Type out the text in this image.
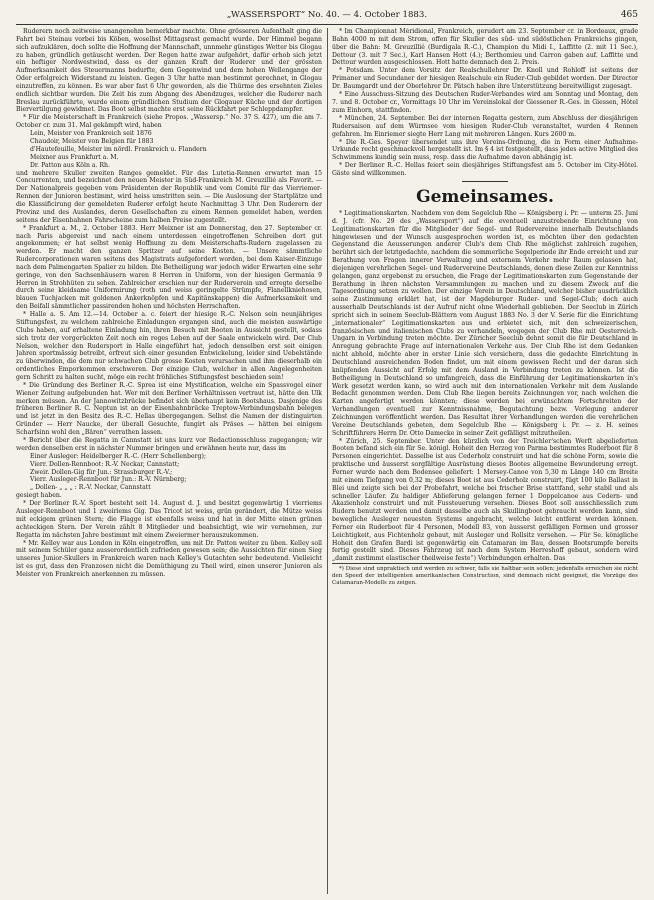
„WASSERSPORT“ No. 40. — 4. October 1883.	465

Ruderern noch zeitweise unangenehm bemerkbar machte. Ohne grösseren Aufenthalt ging die Fahrt bei Steinau vorbei bis Köben, woselbst Mittagsrast gemacht wurde. Der Himmel begann sich aufzuklären, doch sollte die Hoffnung der Mannschaft, unnmehr günstiges Wetter bis Glogau zu haben, gründlich getäuscht werden. Der Regen hatte zwar aufgehört, dafür erhob sich jetzt ein heftiger Nordwestwind, dass es der ganzen Kraft der Ruderer und der grössten Aufmerksamkeit des Steuermanns bedurfte, dem Gegenwind und dem hohen Wellengange der Oder erfolgreich Widerstand zu leisten. Gegen 3 Uhr hatte man bestimmt gerechnet, in Glogau einzutreffen, zu können. Es war aber fast 6 Uhr geworden, als die Thürme des ersehnten Zieles endlich sichtbar wurden. Die Zeit bis zum Abgang des Abendzuges, welcher die Ruderer nach Breslau zurückführte, wurde einem gründlichen Studium der Glogauer Küche und der dortigen Biervertilgung gewidmet. Das Boot selbst machte erst seine Rückfahrt per Schleppdampfer.

* Für die Meisterschaft in Frankreich (siehe Propos. „Wassersp.“ No. 37 S. 427), um die am 7. October cr. zum 31. Mal gekämpft wird, haben

Lein, Meister von Frankreich seit 1876

Chaudoir, Meister von Belgien für 1883

d'Hautefeuille, Meister im nördl. Frankreich u. Flandern

Meixner aus Frankfurt a. M.

Dr. Patton aus Köln a. Rh.

und mehrere Skuller zweiten Ranges gemeldet. Für das Lutetia-Rennen erwartet man 15 Concurrenten, und bezeichnet den neuen Meister in Süd-Frankreich M. Greuzillié als Favorit. — Der Nationalpreis gegeben vom Präsidenten der Republik und vom Comité für das Vierriemer-Rennen der Junioren bestimmt, wird heiss umstritten sein. — Die Auslosung der Startplätze und die Klassificirung der gemeldeten Ruderer erfolgt heute Nachmittag 3 Uhr. Den Ruderern der Provinz und des Auslandes, deren Gesellschaften zu einem Rennen gemeldet haben, werden seitens der Eisenbahnen Fahrscheine zum halben Preise zugestellt.

* Frankfurt a. M., 2. October 1883. Herr Meixner ist am Donnerstag, den 27. September cr. nach Paris abgereist und nach einem unterdessen eingetroffenen Schreiben dort gut angekommen; er hat selbst wenig Hoffnung zu dem Meisterschafts-Rudern zugelassen zu werden. Er macht den ganzen Spritzer auf seine Kosten. — Unsere sämmtliche Rudercorporationen waren seitens des Magistrats aufgefordert worden, bei dem Kaiser-Einzuge nach dem Palmengarten Spalier zu bilden. Die Betheiligung war jedoch wider Erwarten eine sehr geringe, von den Sachsenhäusern waren 8 Herren in Uniform, von der hiesigen Germania 9 Herren in Strohhüten zu sehen. Zahlreicher erschien nur der Ruderverein und erregte derselbe durch seine kleidsame Uniformirung (roth und weiss geringelte Strümpfe, Flanellkniehosen, blauen Tuchjacken mit goldenen Ankerknöpfen und Kapitänskappen) die Aufmerksamkeit und den Beifall sämmtlicher passirenden hohen und höchsten Herrschaften.

* Halle a. S. Am 12.—14. October a. c. feiert der hiesige R.-C. Nelson sein neunjähriges Stiftungsfest, zu welchem zahlreiche Einladungen ergangen sind, auch die meisten auswärtige Clubs haben, auf erhaltene Einladung hin, ihren Besuch mit Booten in Aussicht gestellt, sodass sich trotz der vorgerückten Zeit noch ein reges Leben auf der Saale entwickeln wird. Der Club Nelson, welcher den Rudersport in Halle eingeführt hat, jedoch denselben erst seit einigen Jahren sportmässig betreibt, erfreut sich einer gesunden Entwickelung, leider sind Uebelstände zu überwinden, die dem nur schwachen Club grosse Kosten verursachen und ihm dieserhalb ein ordentliches Emporkommen erschweren. Der einzige Club, welcher in allen Angelegenheiten gern Schritt zu halten sucht, möge ein recht fröhliches Stiftungsfest beschieden sein!

* Die Gründung des Berliner R.-C. Sprea ist eine Mystification, welche ein Spassvogel einer Wiener Zeitung aufgebunden hat. Wer mit den Berliner Verhältnissen vertraut ist, hätte den Ulk merken müssen. An der Jannowitzbrücke befindet sich überhaupt kein Bootshaus. Dasjenige des früheren Berliner R. C. Neptun ist an der Eisenbahnbrücke Treptow-Verbindungsbahn belegen und ist jetzt in den Besitz des R.-C. Hellas übergegangen. Selbst die Namen der distinguirten Gründer — Herr Naucke, der überall Gesuchte, fungirt als Präses — hätten bei einigem Scharfsinn wohl den „Bären“ verrathen lassen.

* Bericht über die Regatta in Cannstatt ist uns kurz vor Redactionsschluss zugegangen; wir werden denselben erst in nächster Nummer bringen und erwähnen heute nur, dass im

Einer Ausleger: Heidelberger R.-C. (Herr Schellenberg);

Vierr. Dollen-Rennboot: R.-V. Neckar, Cannstatt;

Zweir. Dollen-Gig für Jun.: Strassburger R.-V.;

Vierr. Ausleger-Rennboot für Jun.: R.-V. Nürnberg;

„ Dollen- „ „ „ : R.-V. Neckar, Cannstatt

gesiegt haben.

* Der Berliner R.-V. Sport besteht seit 14. August d. J. und besitzt gegenwärtig 1 vierriems Ausleger-Rennboot und 1 zweiriems Gig. Das Tricot ist weiss, grün gerändert, die Mütze weiss mit eckigem grünen Stern; die Flagge ist ebenfalls weiss und hat in der Mitte einen grünen achteckigen Stern. Der Verein zählt 8 Mitglieder und beabsichtigt, wie wir vernehmen, zur Regatta im nächsten Jahre bestimmt mit einem Zweiermer herauszukommen.

* Mr. Kelley war aus London in Köln eingetroffen, um mit Dr. Patton weiter zu üben. Kelley soll mit seinem Schüler ganz ausserordentlich zufrieden gewesen sein; die Aussichten für einen Sieg unseres Junior-Skullers in Frankreich waren nach Kelley's Gutachten sehr bedeutend. Vielleicht ist es gut, dass den Franzosen nicht die Demüthigung zu Theil wird, einen unserer Junioren als Meister von Frankreich anerkennen zu müssen.

* Im Championnat Méridional, Frankreich, gerudert am 23. September cr. in Bordeaux, grade Bahn 4000 m mit dem Strom, offen für Skuller des süd- und südöstlichen Frankreichs gingen, über die Bahn: M. Greuzillié (Burdigala R.-C.), Champion du Midi I., Laffitte (2. mit 11 Sec.), Dettour (3. mit 7 Sec.), Karl Hansen Hott (4.); Berthomieu und Carron gaben auf. Laffitte und Dettour wurden ausgeschlossen. Hott hatte demnach den 2. Preis.

* Potsdam. Unter dem Vorsitz der Realschullehrer Dr. Knoll und Rohloff ist seitens der Primaner und Secundaner der hiesigen Realschule ein Ruder-Club gebildet worden. Der Director Dr. Baumgardt und der Oberlehrer Dr. Pätsch haben ihre Unterstützung bereitwilligst zugesagt.

* Eine Ausschuss-Sitzung des Deutschen Ruder-Verbandes wird am Sonntag und Montag, den 7. und 8. October cr., Vormittags 10 Uhr im Vereinslokal der Giessener R.-Ges. in Giessen, Hôtel zum Einhorn, stattfinden.

* München, 24. September. Bei der internen Regatta gestern, zum Abschluss der diesjährigen Rudersaison auf dem Würmsee vom hiesigen Ruder-Club veranstaltet, wurden 4 Rennen gefahren. Im Einriemer siegte Herr Lang mit mehreren Längen. Kurs 2600 m.

* Die R.-Ges. Speyer übersendet uns ihre Vereins-Ordnung, die in Form einer Aufnahme-Urkunde recht geschmackvoll hergestellt ist. Im § 4 ist festgestellt, dass jedes active Mitglied des Schwimmens kundig sein muss, resp. dass die Aufnahme davon abhängig ist.

* Der Berliner R.-C. Hellas feiert sein diesjähriges Stiftungsfest am 5. October im City-Hôtel. Gäste sind willkommen.

Gemeinsames.

* Legitimationskarten. Nachdem von dem Segelclub Rhe — Königsberg i. Pr. — unterm 25. Juni d. J. (cfr. No. 29 des „Wassersport“) auf die eventuell anzustrebende Einrichtung von Legitimationskarten für die Mitglieder der Segel- und Rudervereine innerhalb Deutschlands hingewiesen und der Wunsch ausgesprochen worden ist, es möchten über den gedachten Gegenstand die Aeusserungen anderer Club's dem Club Rhe möglichst zahlreich zugehen, berührt sich der letztgedachte, nachdem die sommerliche Segelperiode ihr Ende erreicht und zur Berathung von Fragen innerer Verwaltung und externem Verkehr mehr Raum gelassen hat, diejenigen verehrlichen Segel- und Rudervereine Deutschlands, denen diese Zeilen zur Kenntniss gelangen, ganz ergebenst zu ersuchen, die Frage der Legitimationskarten zum Gegenstande der Berathung in ihren nächsten Versammlungen zu machen und zu diesem Zweck auf die Tagesordnung setzen zu wollen. Der einzige Verein in Deutschland, welcher bisher ausdrücklich seine Zustimmung erklärt hat, ist der Magdeburger Ruder- und Segel-Club; doch auch ausserhalb Deutschlands ist der Aufruf nicht ohne Wiederhall geblieben. Der Seeclub in Zürich spricht sich in seinem Seeclub-Blättern vom August 1883 No. 3 der V. Serie für die Einrichtung „internationaler“ Legitimationskarten aus und erbietet sich, mit den schweizerischen, französischen und italienischen Clubs zu verhandeln, wogegen der Club Rhe mit Oesterreich-Ungarn in Verbindung treten möchte. Der Züricher Seeclub dehnt somit die für Deutschland in Anregung gebrachte Frage auf internationalen Verkehr aus. Der Club Rhe ist dem Gedanken nicht abhold, möchte aber in erster Linie sich versichern, dass die gedachte Einrichtung in Deutschland ausreichenden Boden findet, um mit einem gewissen Recht und der daran sich knüpfenden Aussicht auf Erfolg mit dem Ausland in Verbindung treten zu können. Ist die Betheiligung in Deutschland so umfangreich, dass die Einführung der Legitimationskarten in's Werk gesetzt werden kann, so wird auch mit den internationalen Verkehr mit dem Auslande Bedacht genommen werden. Dem Club Rhe liegen bereits Zeichnungen vor, nach welchen die Karten angefertigt werden könnten; diese werden bei erwünschtem Fortschreiten der Verhandlungen eventuell zur Kenntnissnahme, Begutachtung bezw. Vorlegung anderer Zeichnungen veröffentlicht werden. Das Resultat ihrer Verhandlungen werden die verehrlichen Vereine Deutschlands gebeten, dem Segelclub Rhe — Königsberg i. Pr. — z. H. seines Schriftführers Herrn Dr. Otto Damecke in seiner Zeit gefälligst mitzutheilen.

* Zürich, 25. September. Unter den kürzlich von der Treichler'schen Werft abgelieferten Booten befand sich ein für Se. königl. Hoheit den Herzog von Parma bestimmtes Ruderboot für 8 Personen eingerichtet. Dasselbe ist aus Cederholz construirt und hat die schöne Form, sowie die praktische und äusserst sorgfältige Ausrüstung dieses Bootes allgemeine Bewunderung erregt. Ferner wurde nach dem Bodensee geliefert: 1 Mersey-Canoe von 5,30 m Länge 140 cm Breite mit einem Tiefgang von 0,32 m; dieses Boot ist aus Cederholz construirt, fügt 100 kilo Ballast in Blei und zeigte sich bei der Probefahrt, welche bei frischer Brise stattfand, sehr stabil und als schneller Läufer. Zu baldiger Ablieferung gelangen ferner 1 Doppelcanoe aus Cedern- und Akazienholz construirt und mit Fussteuerung versehen. Dieses Boot soll ausschliesslich zum Rudern benutzt werden und damit dasselbe auch als Skullingboot gebraucht werden kann, sind bewegliche Ausleger neuesten Systems angebracht, welche leicht entfernt werden können. Ferner ein Ruderboot für 4 Personen, Modell 83, von äusserst gefälligen Formen und grosser Leichtigkeit, aus Fichtenholz gebaut, mit Ausleger und Rollsitz versehen. — Für Se. königliche Hoheit den Grafen Bardi ist gegenwärtig ein Catamaran im Bau, dessen Bootsrumpfe bereits fertig gestellt sind. Dieses Fahrzeug ist nach dem System Herreshoff gebaut, sondern wird „damit zustimmt elastischer theilweise feste“) Verbindungen erhalten. Das

*) Diese sind unpraktisch und werden zu schwer, falls sie haltbar sein sollen; jedenfalls erreichen sie nicht den Speed der intelligenten amerikanischen Construction, sind demnach nicht geeignet, die Vorzüge des Catamaran-Modells zu zeigen.
